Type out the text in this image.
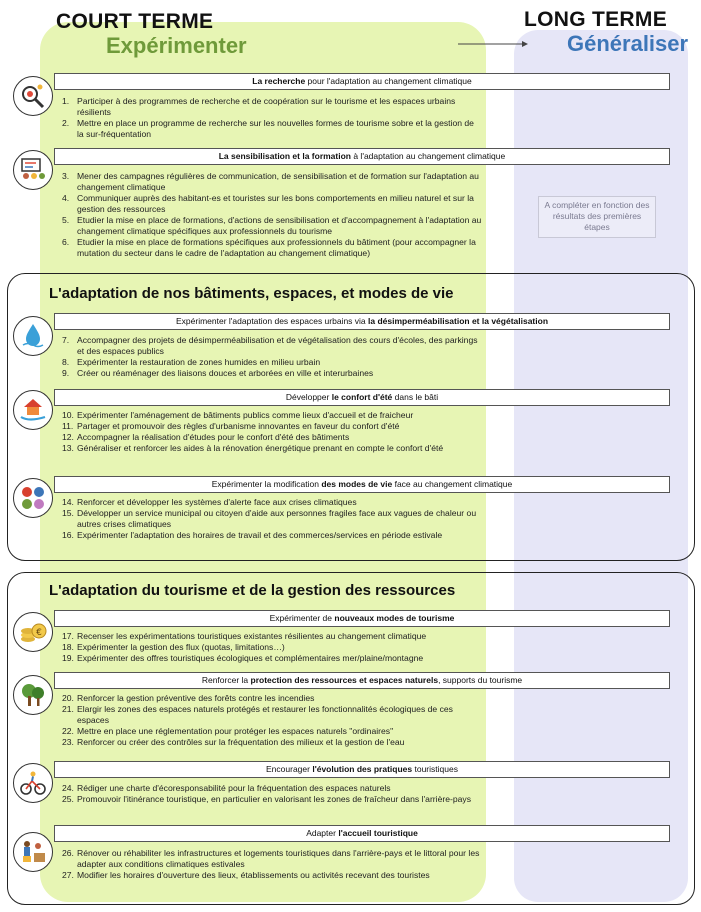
COURT TERME
Expérimenter
LONG TERME
Généraliser
A compléter en fonction des résultats des premières étapes
La recherche pour l'adaptation au changement climatique
1. Participer à des programmes de recherche et de coopération sur le tourisme et les espaces urbains résilients
2. Mettre en place un programme de recherche sur les nouvelles formes de tourisme sobre et la gestion de la sur-fréquentation
La sensibilisation et la formation à l'adaptation au changement climatique
3. Mener des campagnes régulières de communication, de sensibilisation et de formation sur l'adaptation au changement climatique
4. Communiquer auprès des habitant-es et touristes sur les bons comportements en milieu naturel et sur la gestion des ressources
5. Etudier la mise en place de formations, d'actions de sensibilisation et d'accompagnement à l'adaptation au changement climatique spécifiques aux professionnels du tourisme
6. Etudier la mise en place de formations spécifiques aux professionnels du bâtiment (pour accompagner la mutation du secteur dans le cadre de l'adaptation au changement climatique)
L'adaptation de nos bâtiments, espaces, et modes de vie
Expérimenter l'adaptation des espaces urbains via la désimperméabilisation et la végétalisation
7. Accompagner des projets de désimperméabilisation et de végétalisation des cours d'écoles, des parkings et des espaces publics
8. Expérimenter la restauration de zones humides en milieu urbain
9. Créer ou réaménager des liaisons douces et arborées en ville et interurbaines
Développer le confort d'été dans le bâti
10. Expérimenter l'aménagement de bâtiments publics comme lieux d'accueil et de fraicheur
11. Partager et promouvoir des règles d'urbanisme innovantes en faveur du confort d'été
12. Accompagner la réalisation d'études pour le confort d'été des bâtiments
13. Généraliser et renforcer les aides à la rénovation énergétique prenant en compte le confort d'été
Expérimenter la modification des modes de vie face au changement climatique
14. Renforcer et développer les systèmes d'alerte face aux crises climatiques
15. Développer un service municipal ou citoyen d'aide aux personnes fragiles face aux vagues de chaleur ou autres crises climatiques
16. Expérimenter l'adaptation des horaires de travail et des commerces/services en période estivale
L'adaptation du tourisme et de la gestion des ressources
Expérimenter de nouveaux modes de tourisme
€ 17. Recenser les expérimentations touristiques existantes résilientes au changement climatique
18. Expérimenter la gestion des flux (quotas, limitations…)
19. Expérimenter des offres touristiques écologiques et complémentaires mer/plaine/montagne
Renforcer la protection des ressources et espaces naturels, supports du tourisme
20. Renforcer la gestion préventive des forêts contre les incendies
21. Elargir les zones des espaces naturels protégés et restaurer les fonctionnalités écologiques de ces espaces
22. Mettre en place une réglementation pour protéger les espaces naturels "ordinaires"
23. Renforcer ou créer des contrôles sur la fréquentation des milieux et la gestion de l'eau
Encourager l'évolution des pratiques touristiques
24. Rédiger une charte d'écoresponsabilité pour la fréquentation des espaces naturels
25. Promouvoir l'itinérance touristique, en particulier en valorisant les zones de fraîcheur dans l'arrière-pays
Adapter l'accueil touristique
26. Rénover ou réhabiliter les infrastructures et logements touristiques dans l'arrière-pays et le littoral pour les adapter aux conditions climatiques estivales
27. Modifier les horaires d'ouverture des lieux, établissements ou activités recevant des touristes
